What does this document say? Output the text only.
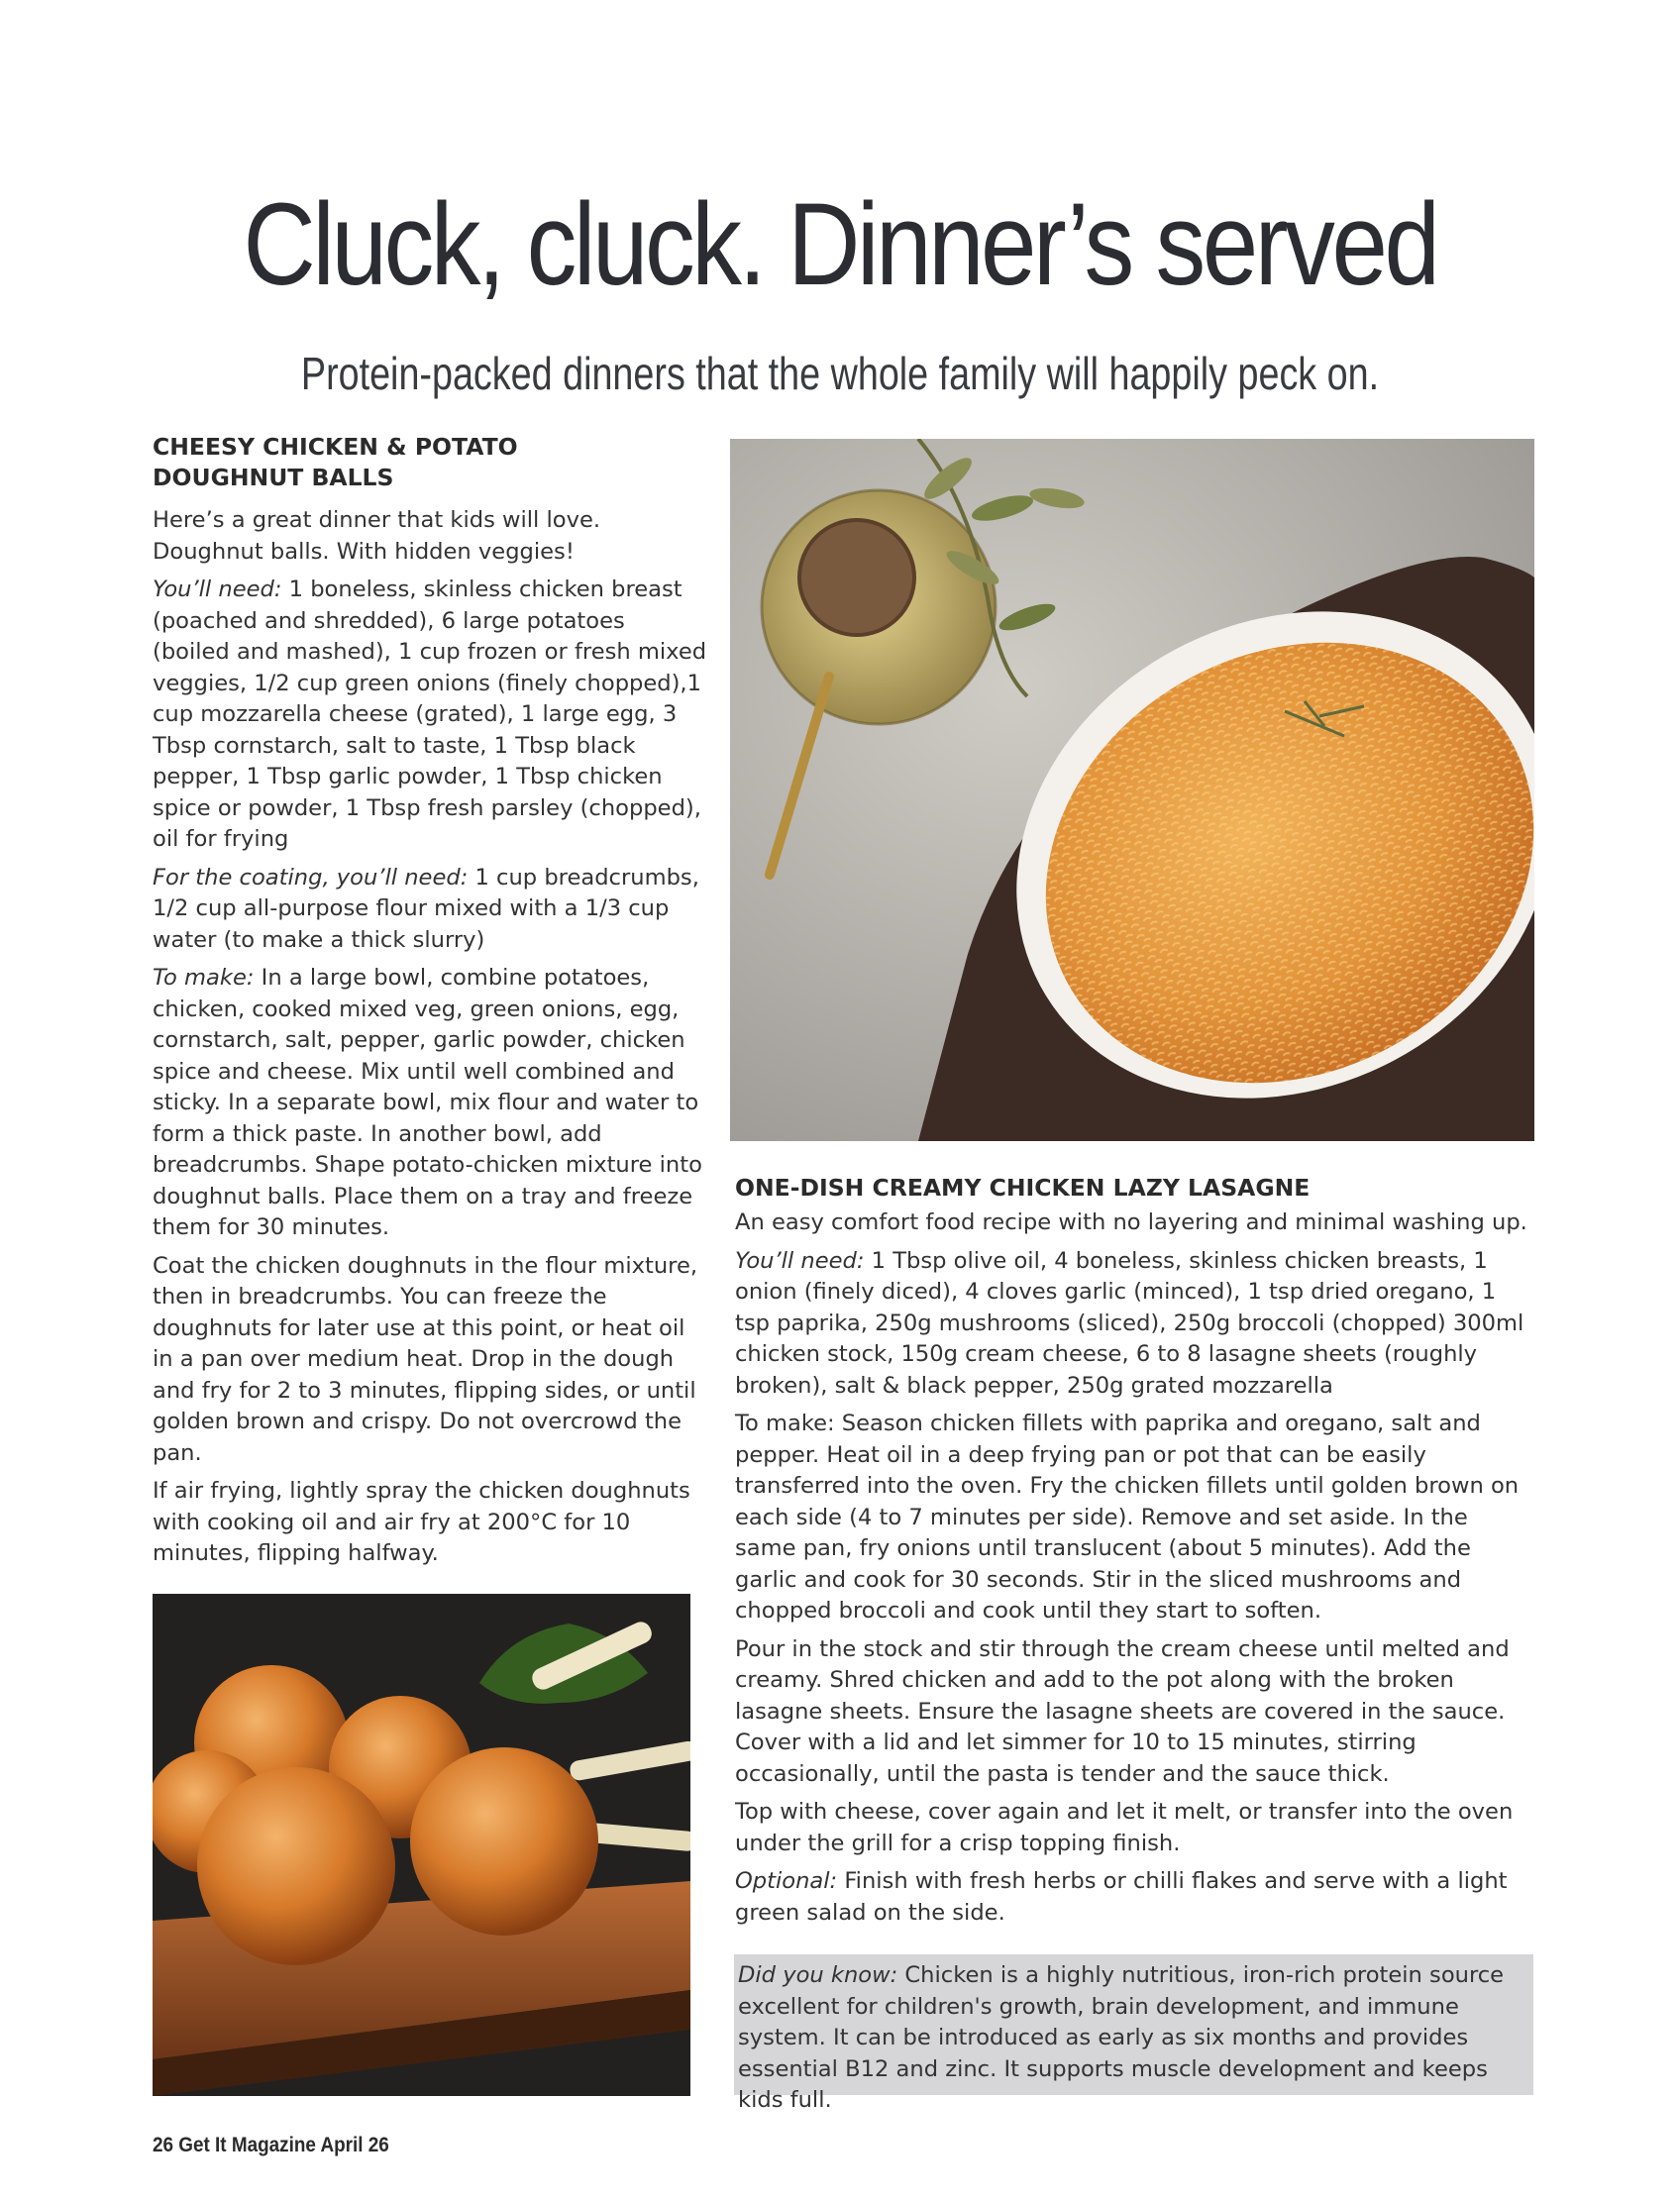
Cluck, cluck. Dinner’s served
Protein-packed dinners that the whole family will happily peck on.
CHEESY CHICKEN & POTATO
DOUGHNUT BALLS

Here’s a great dinner that kids will love. Doughnut balls. With hidden veggies!

You’ll need: 1 boneless, skinless chicken breast (poached and shredded), 6 large potatoes (boiled and mashed), 1 cup frozen or fresh mixed veggies, 1/2 cup green onions (finely chopped),1 cup mozzarella cheese (grated), 1 large egg, 3 Tbsp cornstarch, salt to taste, 1 Tbsp black pepper, 1 Tbsp garlic powder, 1 Tbsp chicken spice or powder, 1 Tbsp fresh parsley (chopped), oil for frying

For the coating, you’ll need: 1 cup breadcrumbs, 1/2 cup all-purpose flour mixed with a 1/3 cup water (to make a thick slurry)

To make: In a large bowl, combine potatoes, chicken, cooked mixed veg, green onions, egg, cornstarch, salt, pepper, garlic powder, chicken spice and cheese. Mix until well combined and sticky. In a separate bowl, mix flour and water to form a thick paste. In another bowl, add breadcrumbs. Shape potato-chicken mixture into doughnut balls. Place them on a tray and freeze them for 30 minutes.

Coat the chicken doughnuts in the flour mixture, then in breadcrumbs. You can freeze the doughnuts for later use at this point, or heat oil in a pan over medium heat. Drop in the dough and fry for 2 to 3 minutes, flipping sides, or until golden brown and crispy. Do not overcrowd the pan.

If air frying, lightly spray the chicken doughnuts with cooking oil and air fry at 200°C for 10 minutes, flipping halfway.

ONE-DISH CREAMY CHICKEN LAZY LASAGNE

An easy comfort food recipe with no layering and minimal washing up.

You’ll need: 1 Tbsp olive oil, 4 boneless, skinless chicken breasts, 1 onion (finely diced), 4 cloves garlic (minced), 1 tsp dried oregano, 1 tsp paprika, 250g mushrooms (sliced), 250g broccoli (chopped) 300ml chicken stock, 150g cream cheese, 6 to 8 lasagne sheets (roughly broken), salt & black pepper, 250g grated mozzarella

To make: Season chicken fillets with paprika and oregano, salt and pepper. Heat oil in a deep frying pan or pot that can be easily transferred into the oven. Fry the chicken fillets until golden brown on each side (4 to 7 minutes per side). Remove and set aside. In the same pan, fry onions until translucent (about 5 minutes). Add the garlic and cook for 30 seconds. Stir in the sliced mushrooms and chopped broccoli and cook until they start to soften.

Pour in the stock and stir through the cream cheese until melted and creamy. Shred chicken and add to the pot along with the broken lasagne sheets. Ensure the lasagne sheets are covered in the sauce. Cover with a lid and let simmer for 10 to 15 minutes, stirring occasionally, until the pasta is tender and the sauce thick.

Top with cheese, cover again and let it melt, or transfer into the oven under the grill for a crisp topping finish.

Optional: Finish with fresh herbs or chilli flakes and serve with a light green salad on the side.

Did you know: Chicken is a highly nutritious, iron-rich protein source excellent for children's growth, brain development, and immune system. It can be introduced as early as six months and provides essential B12 and zinc. It supports muscle development and keeps kids full.
26 Get It Magazine April 26
